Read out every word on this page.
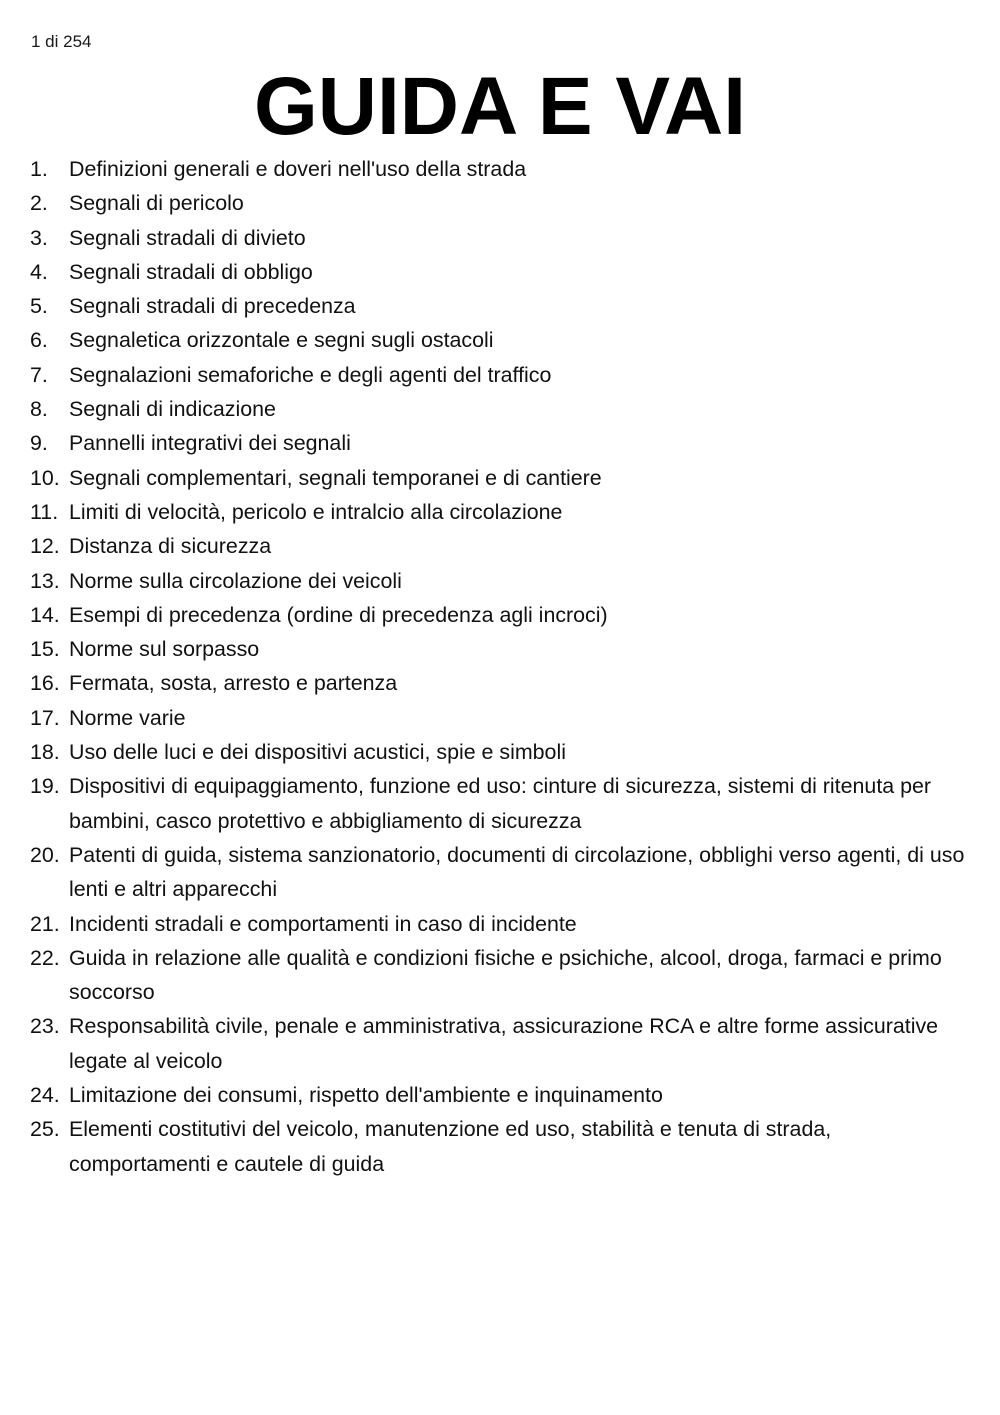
1 di 254
GUIDA E VAI
1. Definizioni generali e doveri nell'uso della strada
2. Segnali di pericolo
3. Segnali stradali di divieto
4. Segnali stradali di obbligo
5. Segnali stradali di precedenza
6. Segnaletica orizzontale e segni sugli ostacoli
7. Segnalazioni semaforiche e degli agenti del traffico
8. Segnali di indicazione
9. Pannelli integrativi dei segnali
10. Segnali complementari, segnali temporanei e di cantiere
11. Limiti di velocità, pericolo e intralcio alla circolazione
12. Distanza di sicurezza
13. Norme sulla circolazione dei veicoli
14. Esempi di precedenza (ordine di precedenza agli incroci)
15. Norme sul sorpasso
16. Fermata, sosta, arresto e partenza
17. Norme varie
18. Uso delle luci e dei dispositivi acustici, spie e simboli
19. Dispositivi di equipaggiamento, funzione ed uso: cinture di sicurezza, sistemi di ritenuta per bambini, casco protettivo e abbigliamento di sicurezza
20. Patenti di guida, sistema sanzionatorio, documenti di circolazione, obblighi verso agenti, di uso lenti e altri apparecchi
21. Incidenti stradali e comportamenti in caso di incidente
22. Guida in relazione alle qualità e condizioni fisiche e psichiche, alcool, droga, farmaci e primo soccorso
23. Responsabilità civile, penale e amministrativa, assicurazione RCA e altre forme assicurative legate al veicolo
24. Limitazione dei consumi, rispetto dell'ambiente e inquinamento
25. Elementi costitutivi del veicolo, manutenzione ed uso, stabilità e tenuta di strada, comportamenti e cautele di guida
